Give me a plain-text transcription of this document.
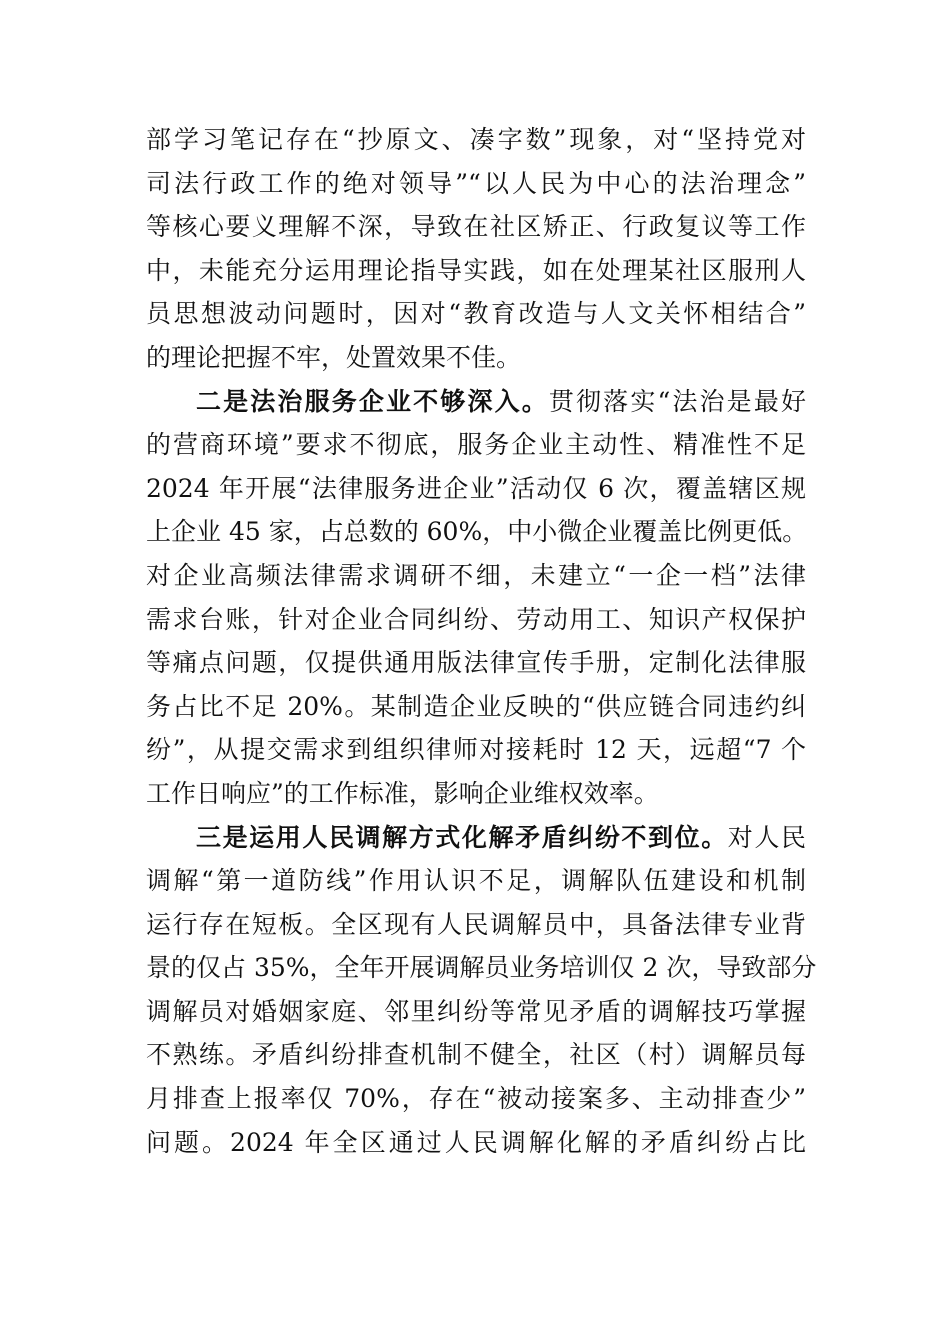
部学习笔记存在“抄原文、凑字数”现象，对“坚持党对
司法行政工作的绝对领导”“以人民为中心的法治理念”
等核心要义理解不深，导致在社区矫正、行政复议等工作
中，未能充分运用理论指导实践，如在处理某社区服刑人
员思想波动问题时，因对“教育改造与人文关怀相结合”
的理论把握不牢，处置效果不佳。
二是法治服务企业不够深入。贯彻落实“法治是最好
的营商环境”要求不彻底，服务企业主动性、精准性不足
2024 年开展“法律服务进企业”活动仅 6 次，覆盖辖区规
上企业 45 家，占总数的 60%，中小微企业覆盖比例更低。
对企业高频法律需求调研不细，未建立“一企一档”法律
需求台账，针对企业合同纠纷、劳动用工、知识产权保护
等痛点问题，仅提供通用版法律宣传手册，定制化法律服
务占比不足 20%。某制造企业反映的“供应链合同违约纠
纷”，从提交需求到组织律师对接耗时 12 天，远超“7 个
工作日响应”的工作标准，影响企业维权效率。
三是运用人民调解方式化解矛盾纠纷不到位。对人民
调解“第一道防线”作用认识不足，调解队伍建设和机制
运行存在短板。全区现有人民调解员中，具备法律专业背
景的仅占 35%，全年开展调解员业务培训仅 2 次，导致部分
调解员对婚姻家庭、邻里纠纷等常见矛盾的调解技巧掌握
不熟练。矛盾纠纷排查机制不健全，社区（村）调解员每
月排查上报率仅 70%，存在“被动接案多、主动排查少”
问题。2024 年全区通过人民调解化解的矛盾纠纷占比
